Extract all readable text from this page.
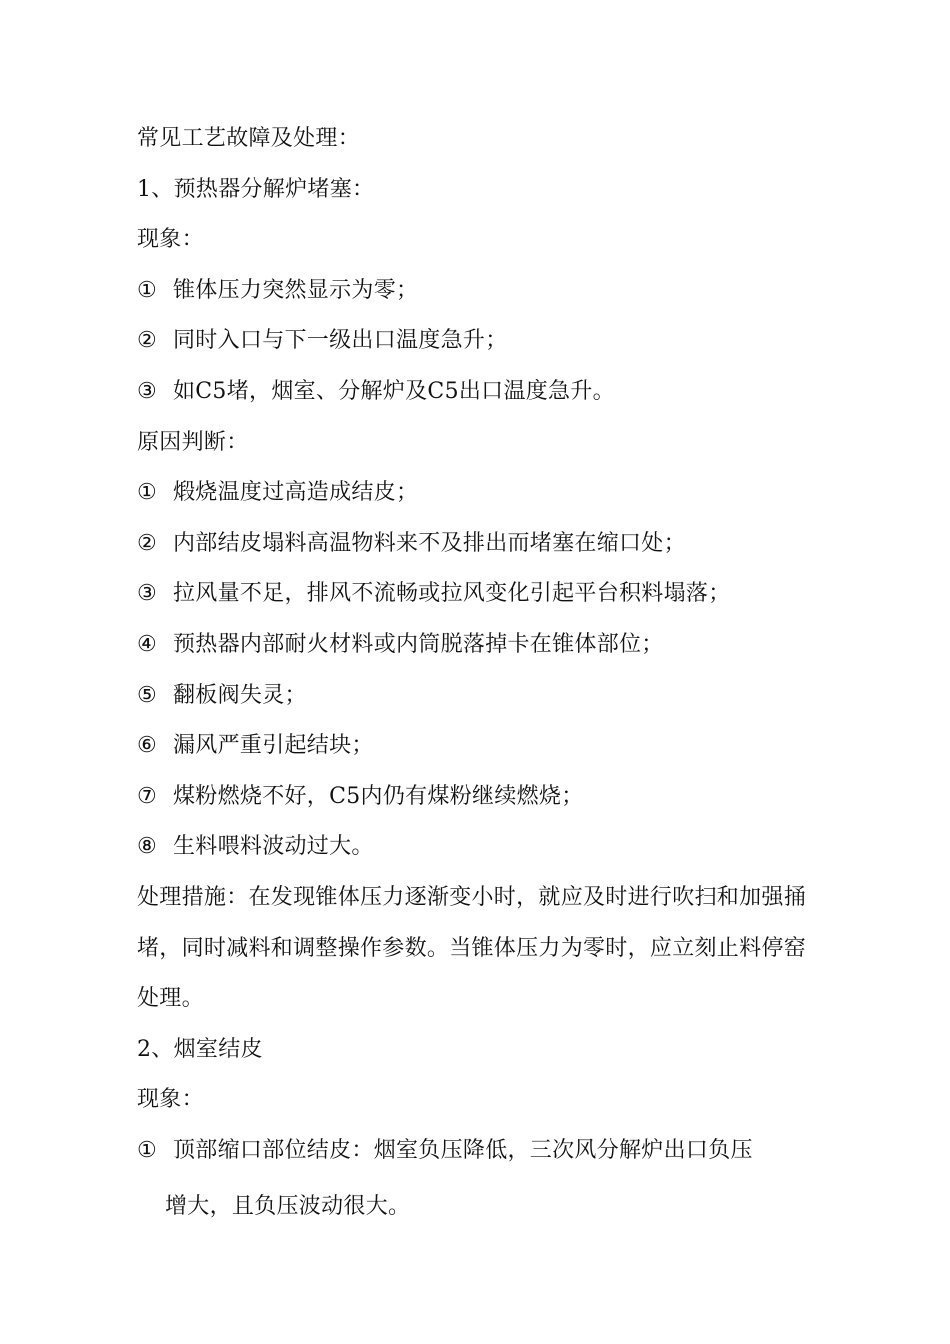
常见工艺故障及处理：
1、预热器分解炉堵塞：
现象：
① 锥体压力突然显示为零；
② 同时入口与下一级出口温度急升；
③ 如C5堵，烟室、分解炉及C5出口温度急升。
原因判断：
① 煅烧温度过高造成结皮；
② 内部结皮塌料高温物料来不及排出而堵塞在缩口处；
③ 拉风量不足，排风不流畅或拉风变化引起平台积料塌落；
④ 预热器内部耐火材料或内筒脱落掉卡在锥体部位；
⑤ 翻板阀失灵；
⑥ 漏风严重引起结块；
⑦ 煤粉燃烧不好，C5内仍有煤粉继续燃烧；
⑧ 生料喂料波动过大。
处理措施：在发现锥体压力逐渐变小时，就应及时进行吹扫和加强捅堵，同时减料和调整操作参数。当锥体压力为零时，应立刻止料停窑处理。
2、烟室结皮
现象：
① 顶部缩口部位结皮：烟室负压降低，三次风分解炉出口负压
增大，且负压波动很大。
